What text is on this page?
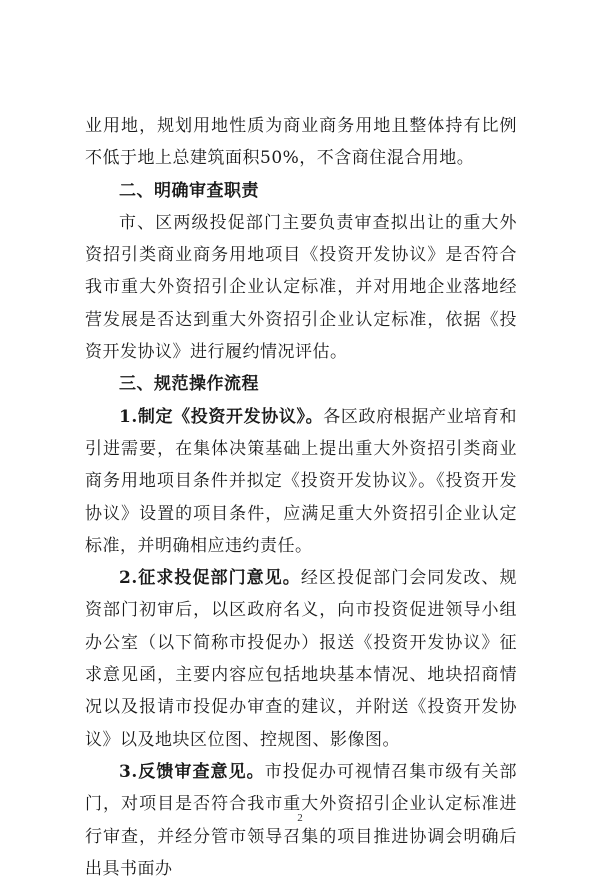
业用地，规划用地性质为商业商务用地且整体持有比例不低于地上总建筑面积50%，不含商住混合用地。

二、明确审查职责

市、区两级投促部门主要负责审查拟出让的重大外资招引类商业商务用地项目《投资开发协议》是否符合我市重大外资招引企业认定标准，并对用地企业落地经营发展是否达到重大外资招引企业认定标准，依据《投资开发协议》进行履约情况评估。

三、规范操作流程

1.制定《投资开发协议》。各区政府根据产业培育和引进需要，在集体决策基础上提出重大外资招引类商业商务用地项目条件并拟定《投资开发协议》。《投资开发协议》设置的项目条件，应满足重大外资招引企业认定标准，并明确相应违约责任。

2.征求投促部门意见。经区投促部门会同发改、规资部门初审后，以区政府名义，向市投资促进领导小组办公室（以下简称市投促办）报送《投资开发协议》征求意见函，主要内容应包括地块基本情况、地块招商情况以及报请市投促办审查的建议，并附送《投资开发协议》以及地块区位图、控规图、影像图。

3.反馈审查意见。市投促办可视情召集市级有关部门，对项目是否符合我市重大外资招引企业认定标准进行审查，并经分管市领导召集的项目推进协调会明确后出具书面办

2
